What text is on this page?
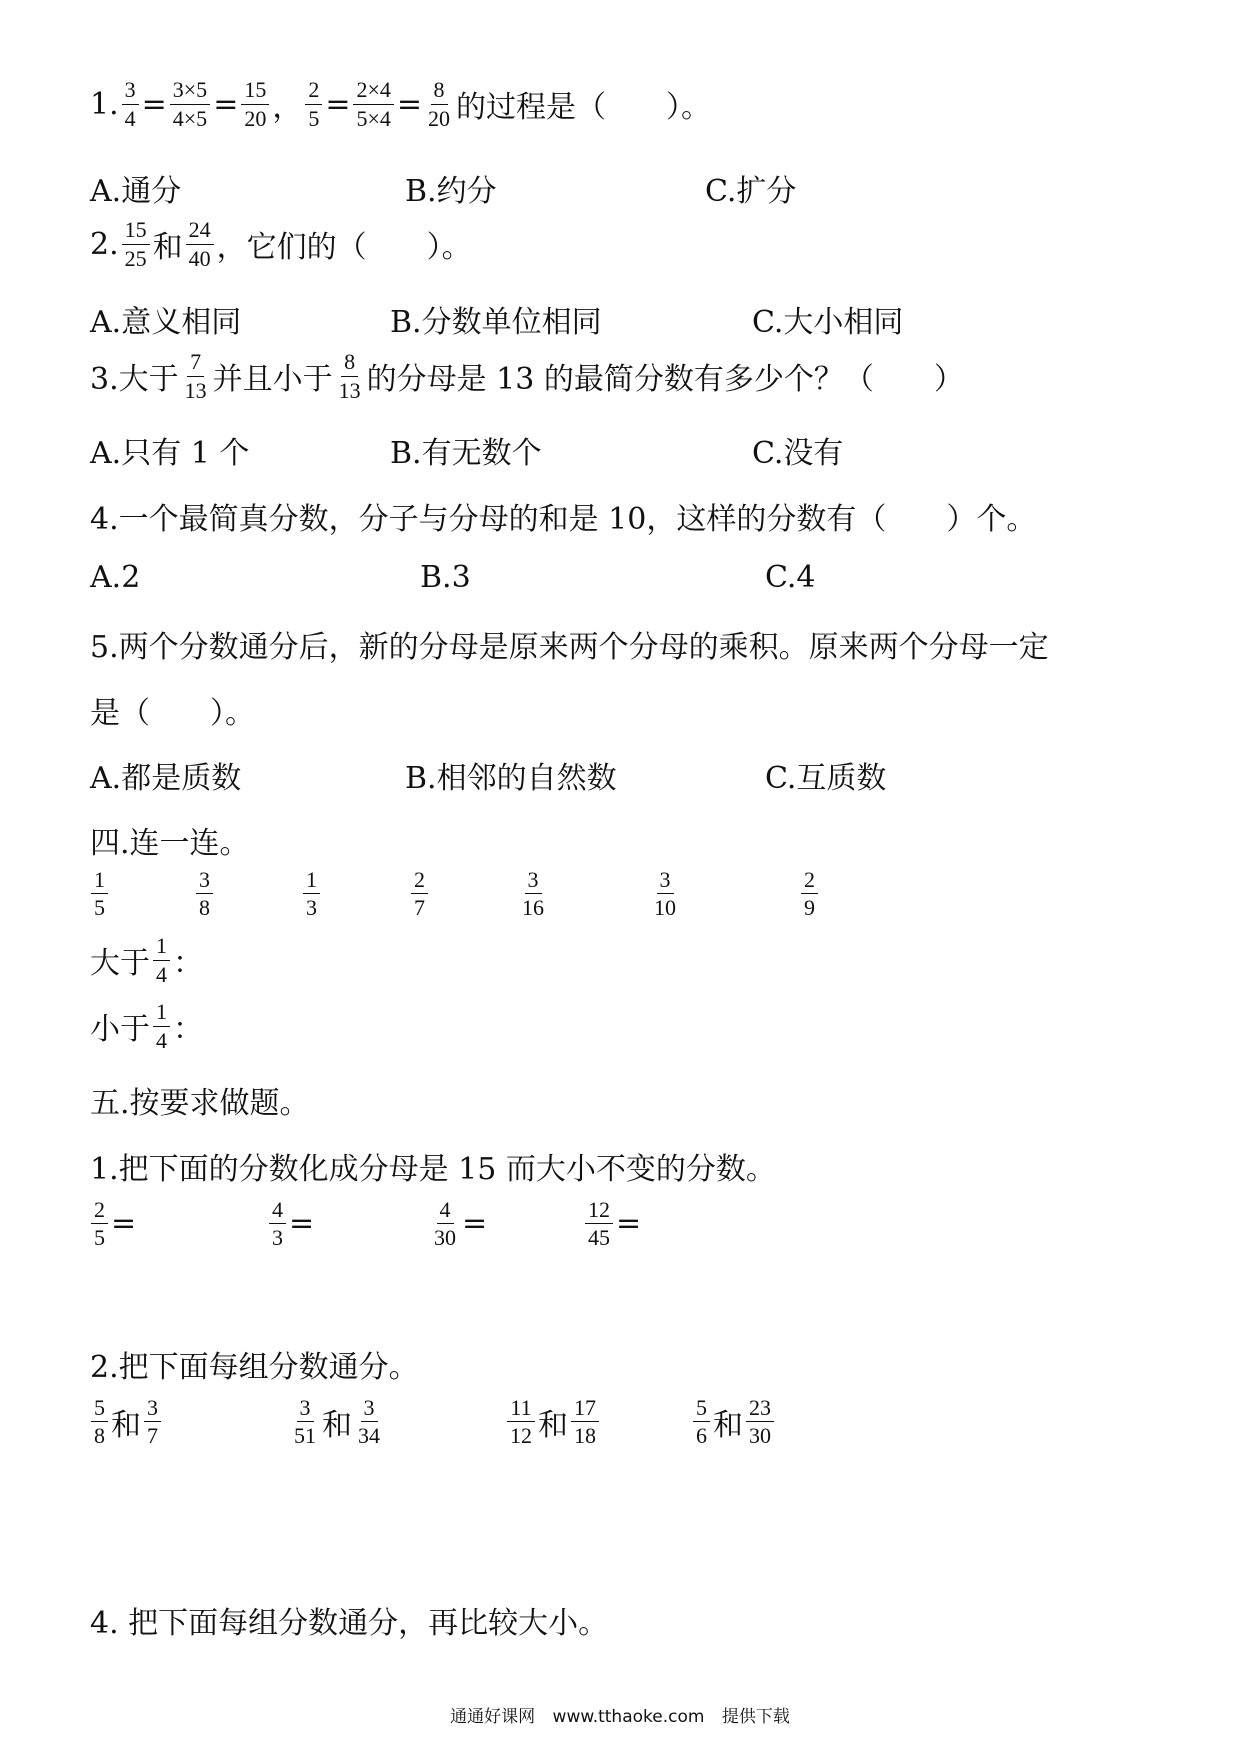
1. $\frac{3}{4} = \frac{3\times 5}{4\times 5} = \frac{15}{20}$ ， $\frac{2}{5} = \frac{2\times 4}{5\times 4} = \frac{8}{20}$ 的过程是（　　）。
A.通分	B.约分	C.扩分
2. $\frac{15}{25}$ 和 $\frac{24}{40}$ ，它们的（　　）。
A.意义相同	B.分数单位相同	C.大小相同
3.大于 $\frac{7}{13}$ 并且小于 $\frac{8}{13}$ 的分母是 13 的最简分数有多少个？（　　）
A.只有 1 个	B.有无数个	C.没有
4.一个最简真分数，分子与分母的和是 10，这样的分数有（　　）个。
A.2	B.3	C.4
5.两个分数通分后，新的分母是原来两个分母的乘积。原来两个分母一定
是（　　）。
A.都是质数	B.相邻的自然数	C.互质数
四.连一连。
$\frac{1}{5}$	$\frac{3}{8}$	$\frac{1}{3}$	$\frac{2}{7}$	$\frac{3}{16}$	$\frac{3}{10}$	$\frac{2}{9}$
大于 $\frac{1}{4}$ ：
小于 $\frac{1}{4}$ ：
五.按要求做题。
1.把下面的分数化成分母是 15 而大小不变的分数。
$\frac{2}{5}$ =	$\frac{4}{3}$ =	$\frac{4}{30}$ =	$\frac{12}{45}$ =
2.把下面每组分数通分。
$\frac{5}{8}$ 和 $\frac{3}{7}$	$\frac{3}{51}$ 和 $\frac{3}{34}$	$\frac{11}{12}$ 和 $\frac{17}{18}$	$\frac{5}{6}$ 和 $\frac{23}{30}$
4. 把下面每组分数通分，再比较大小。
通通好课网 www.tthaoke.com 提供下载
